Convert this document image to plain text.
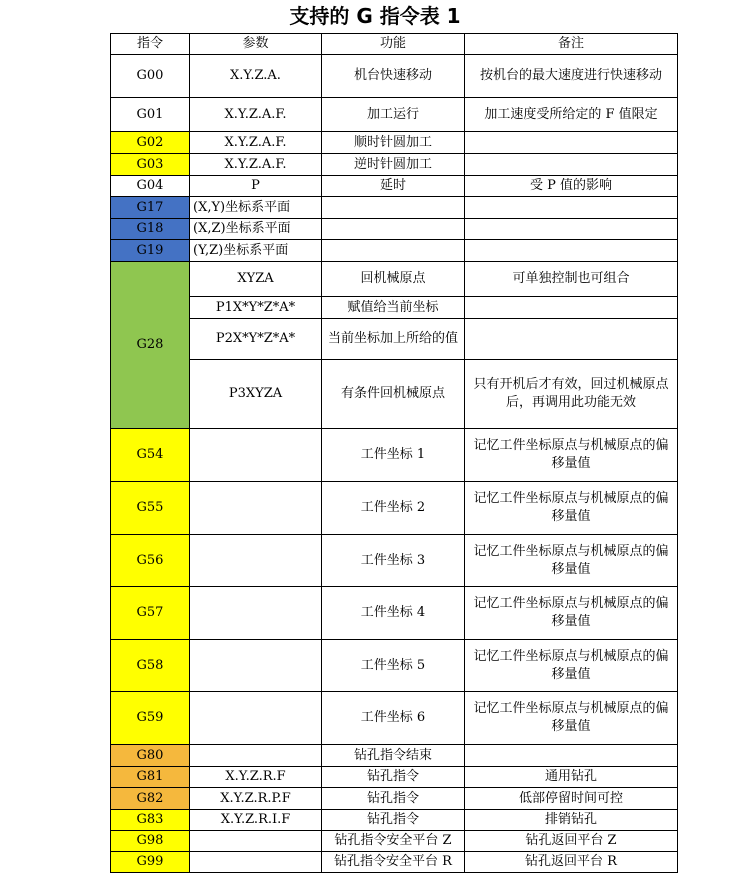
支持的 G 指令表 1
指令	参数	功能	备注
G00	X.Y.Z.A.	机台快速移动	按机台的最大速度进行快速移动
G01	X.Y.Z.A.F.	加工运行	加工速度受所给定的 F 值限定
G02	X.Y.Z.A.F.	顺时针圆加工	
G03	X.Y.Z.A.F.	逆时针圆加工	
G04	P	延时	受 P 值的影响
G17	(X,Y)坐标系平面		
G18	(X,Z)坐标系平面		
G19	(Y,Z)坐标系平面		
G28	XYZA	回机械原点	可单独控制也可组合
	P1X*Y*Z*A*	赋值给当前坐标	
	P2X*Y*Z*A*	当前坐标加上所给的值	
	P3XYZA	有条件回机械原点	只有开机后才有效，回过机械原点后，再调用此功能无效
G54		工件坐标 1	记忆工件坐标原点与机械原点的偏移量值
G55		工件坐标 2	记忆工件坐标原点与机械原点的偏移量值
G56		工件坐标 3	记忆工件坐标原点与机械原点的偏移量值
G57		工件坐标 4	记忆工件坐标原点与机械原点的偏移量值
G58		工件坐标 5	记忆工件坐标原点与机械原点的偏移量值
G59		工件坐标 6	记忆工件坐标原点与机械原点的偏移量值
G80		钻孔指令结束	
G81	X.Y.Z.R.F	钻孔指令	通用钻孔
G82	X.Y.Z.R.P.F	钻孔指令	低部停留时间可控
G83	X.Y.Z.R.I.F	钻孔指令	排销钻孔
G98		钻孔指令安全平台 Z	钻孔返回平台 Z
G99		钻孔指令安全平台 R	钻孔返回平台 R
